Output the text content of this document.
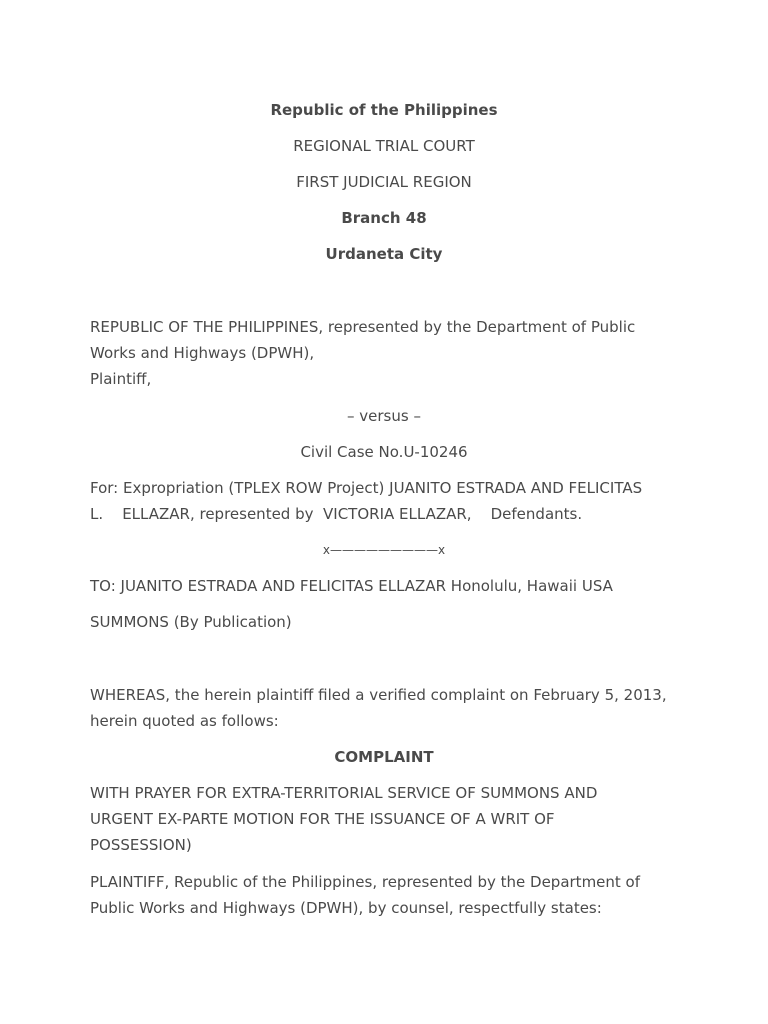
Republic of the Philippines
REGIONAL TRIAL COURT
FIRST JUDICIAL REGION
Branch 48
Urdaneta City
REPUBLIC OF THE PHILIPPINES, represented by the Department of Public
Works and Highways (DPWH),
Plaintiff,
– versus –
Civil Case No.U-10246
For: Expropriation (TPLEX ROW Project) JUANITO ESTRADA AND FELICITAS
L.    ELLAZAR, represented by  VICTORIA ELLAZAR,    Defendants.
x—————————x
TO: JUANITO ESTRADA AND FELICITAS ELLAZAR Honolulu, Hawaii USA
SUMMONS (By Publication)
WHEREAS, the herein plaintiff filed a verified complaint on February 5, 2013,
herein quoted as follows:
COMPLAINT
WITH PRAYER FOR EXTRA-TERRITORIAL SERVICE OF SUMMONS AND
URGENT EX-PARTE MOTION FOR THE ISSUANCE OF A WRIT OF
POSSESSION)
PLAINTIFF, Republic of the Philippines, represented by the Department of
Public Works and Highways (DPWH), by counsel, respectfully states:
